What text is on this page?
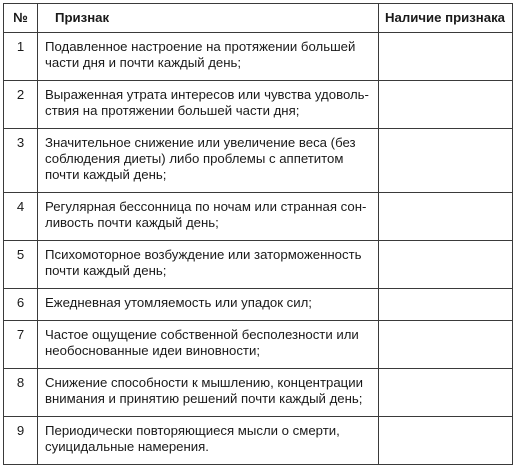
№	Признак	Наличие признака
1	Подавленное настроение на протяжении большей
части дня и почти каждый день;	

2	Выраженная утрата интересов или чувства удоволь-
ствия на протяжении большей части дня;	

3	Значительное снижение или увеличение веса (без
соблюдения диеты) либо проблемы с аппетитом
почти каждый день;	

4	Регулярная бессонница по ночам или странная сон-
ливость почти каждый день;	

5	Психомоторное возбуждение или заторможенность
почти каждый день;	

6	Ежедневная утомляемость или упадок сил;	

7	Частое ощущение собственной бесполезности или
необоснованные идеи виновности;	

8	Снижение способности к мышлению, концентрации
внимания и принятию решений почти каждый день;	

9	Периодически повторяющиеся мысли о смерти,
суицидальные намерения.	
